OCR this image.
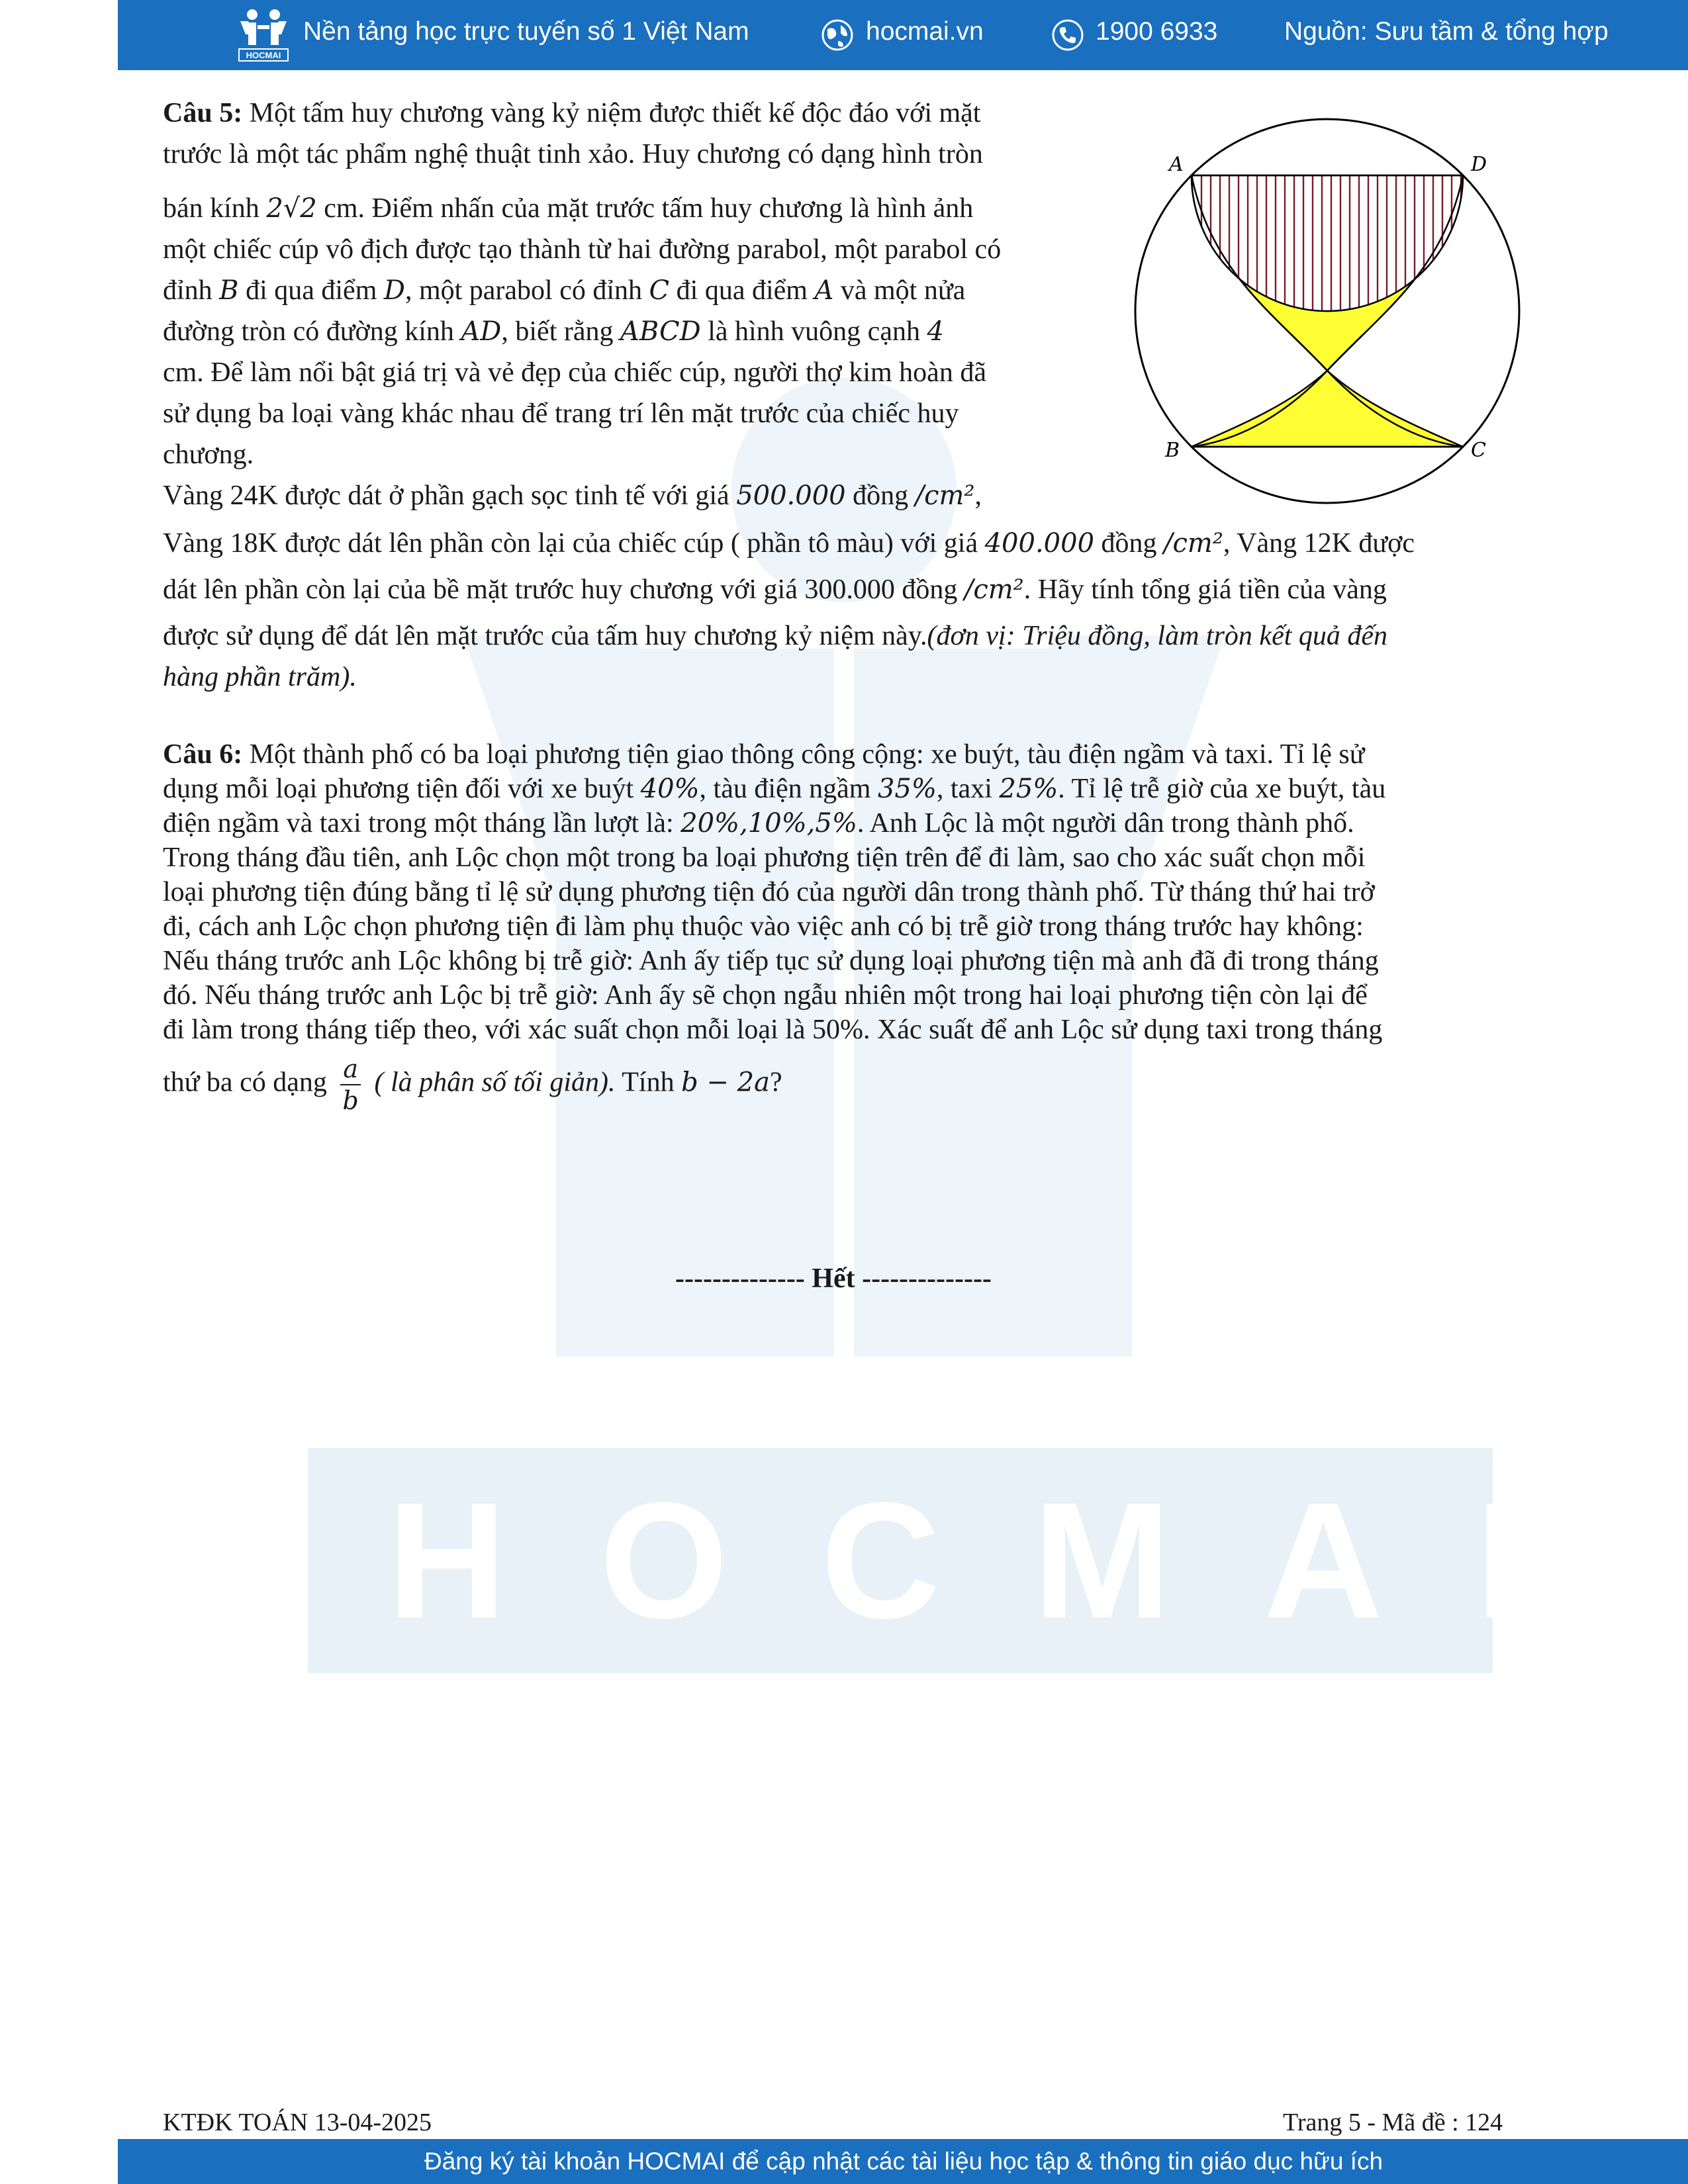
HOCMAI
HOCMAI
Nền tảng học trực tuyến số 1 Việt Nam	hocmai.vn	1900 6933	Nguồn: Sưu tầm & tổng hợp
A	D
B	C
Câu 5: Một tấm huy chương vàng kỷ niệm được thiết kế độc đáo với mặt
trước là một tác phẩm nghệ thuật tinh xảo. Huy chương có dạng hình tròn
bán kính 2√2 cm. Điểm nhấn của mặt trước tấm huy chương là hình ảnh
một chiếc cúp vô địch được tạo thành từ hai đường parabol, một parabol có
đỉnh B đi qua điểm D, một parabol có đỉnh C đi qua điểm A và một nửa
đường tròn có đường kính AD, biết rằng ABCD là hình vuông cạnh 4
cm. Để làm nổi bật giá trị và vẻ đẹp của chiếc cúp, người thợ kim hoàn đã
sử dụng ba loại vàng khác nhau để trang trí lên mặt trước của chiếc huy
chương.
Vàng 24K được dát ở phần gạch sọc tinh tế với giá 500.000 đồng /cm²,
Vàng 18K được dát lên phần còn lại của chiếc cúp ( phần tô màu) với giá 400.000 đồng /cm², Vàng 12K được
dát lên phần còn lại của bề mặt trước huy chương với giá 300.000 đồng /cm². Hãy tính tổng giá tiền của vàng
được sử dụng để dát lên mặt trước của tấm huy chương kỷ niệm này.(đơn vị: Triệu đồng, làm tròn kết quả đến
hàng phần trăm).
Câu 6: Một thành phố có ba loại phương tiện giao thông công cộng: xe buýt, tàu điện ngầm và taxi. Tỉ lệ sử
dụng mỗi loại phương tiện đối với xe buýt 40%, tàu điện ngầm 35%, taxi 25%. Tỉ lệ trễ giờ của xe buýt, tàu
điện ngầm và taxi trong một tháng lần lượt là: 20%,10%,5%. Anh Lộc là một người dân trong thành phố.
Trong tháng đầu tiên, anh Lộc chọn một trong ba loại phương tiện trên để đi làm, sao cho xác suất chọn mỗi
loại phương tiện đúng bằng tỉ lệ sử dụng phương tiện đó của người dân trong thành phố. Từ tháng thứ hai trở
đi, cách anh Lộc chọn phương tiện đi làm phụ thuộc vào việc anh có bị trễ giờ trong tháng trước hay không:
Nếu tháng trước anh Lộc không bị trễ giờ: Anh ấy tiếp tục sử dụng loại phương tiện mà anh đã đi trong tháng
đó. Nếu tháng trước anh Lộc bị trễ giờ: Anh ấy sẽ chọn ngẫu nhiên một trong hai loại phương tiện còn lại để
đi làm trong tháng tiếp theo, với xác suất chọn mỗi loại là 50%. Xác suất để anh Lộc sử dụng taxi trong tháng
thứ ba có dạng $\frac{a}{b}$ ( là phân số tối giản). Tính b − 2a?
-------------- Hết --------------
KTĐK TOÁN 13-04-2025	Trang 5 - Mã đề : 124
Đăng ký tài khoản HOCMAI để cập nhật các tài liệu học tập & thông tin giáo dục hữu ích
